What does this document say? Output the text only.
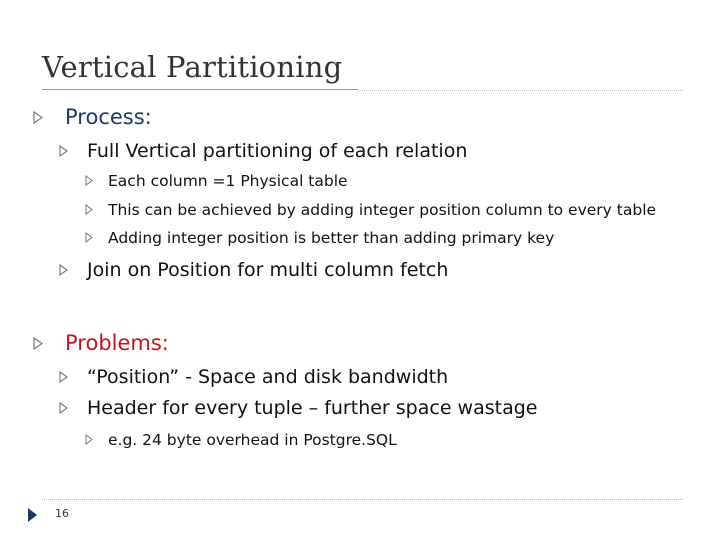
Vertical Partitioning
Process:
Full Vertical partitioning of each relation
Each column =1 Physical table
This can be achieved by adding integer position column to every table
Adding integer position is better than adding primary key
Join on Position for multi column fetch
Problems:
“Position” - Space and disk bandwidth
Header for every tuple – further space wastage
e.g. 24 byte overhead in Postgre.SQL
16
